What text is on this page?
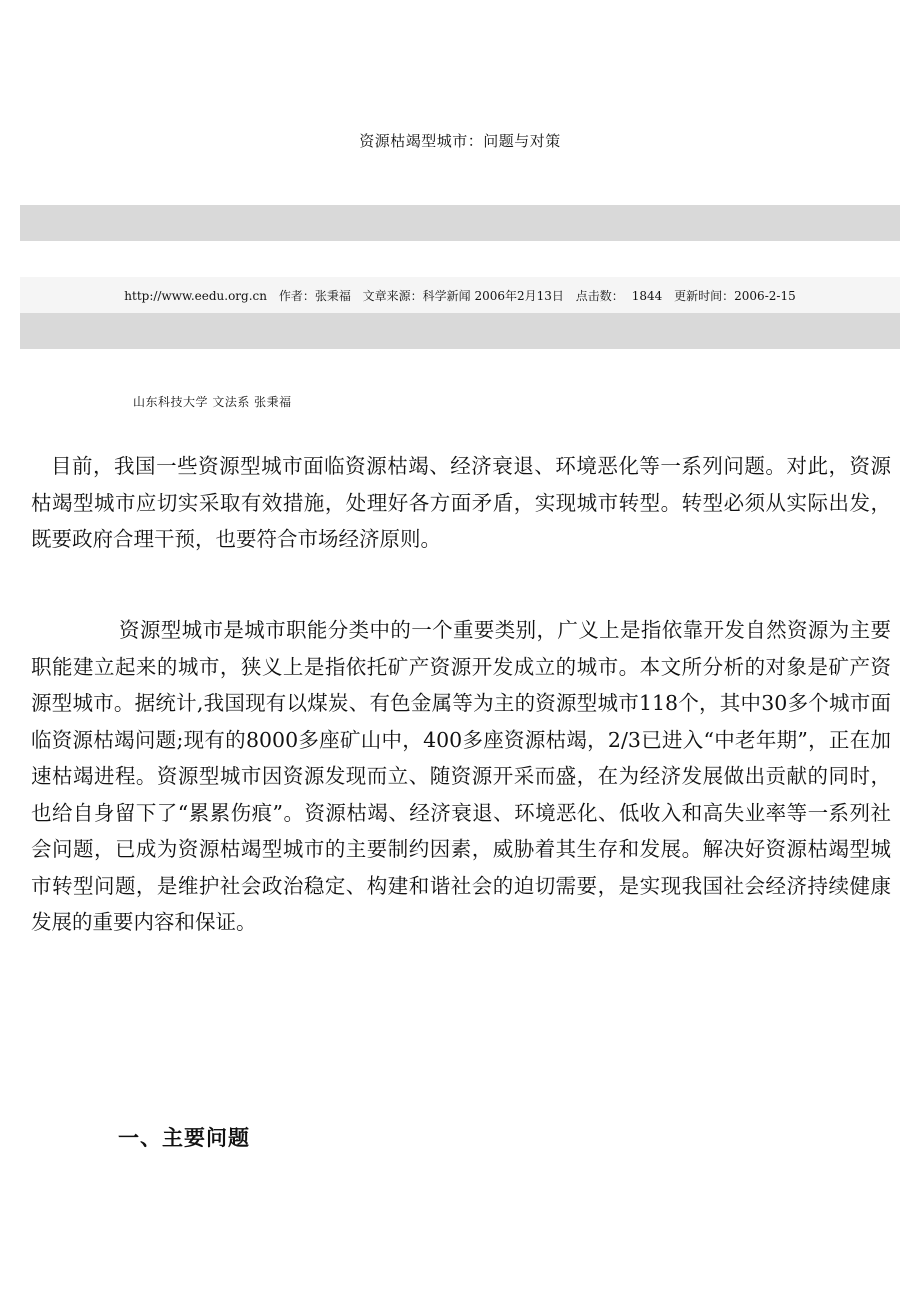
资源枯竭型城市：问题与对策
http://www.eedu.org.cn 作者：张秉福 文章来源：科学新闻 2006年2月13日 点击数： 1844 更新时间：2006-2-15
山东科技大学 文法系 张秉福

目前，我国一些资源型城市面临资源枯竭、经济衰退、环境恶化等一系列问题。对此，资源枯竭型城市应切实采取有效措施，处理好各方面矛盾，实现城市转型。转型必须从实际出发，既要政府合理干预，也要符合市场经济原则。

资源型城市是城市职能分类中的一个重要类别，广义上是指依靠开发自然资源为主要职能建立起来的城市，狭义上是指依托矿产资源开发成立的城市。本文所分析的对象是矿产资源型城市。据统计,我国现有以煤炭、有色金属等为主的资源型城市118个，其中30多个城市面临资源枯竭问题;现有的8000多座矿山中，400多座资源枯竭，2/3已进入“中老年期”，正在加速枯竭进程。资源型城市因资源发现而立、随资源开采而盛，在为经济发展做出贡献的同时，也给自身留下了“累累伤痕”。资源枯竭、经济衰退、环境恶化、低收入和高失业率等一系列社会问题，已成为资源枯竭型城市的主要制约因素，威胁着其生存和发展。解决好资源枯竭型城市转型问题，是维护社会政治稳定、构建和谐社会的迫切需要，是实现我国社会经济持续健康发展的重要内容和保证。

一、主要问题
